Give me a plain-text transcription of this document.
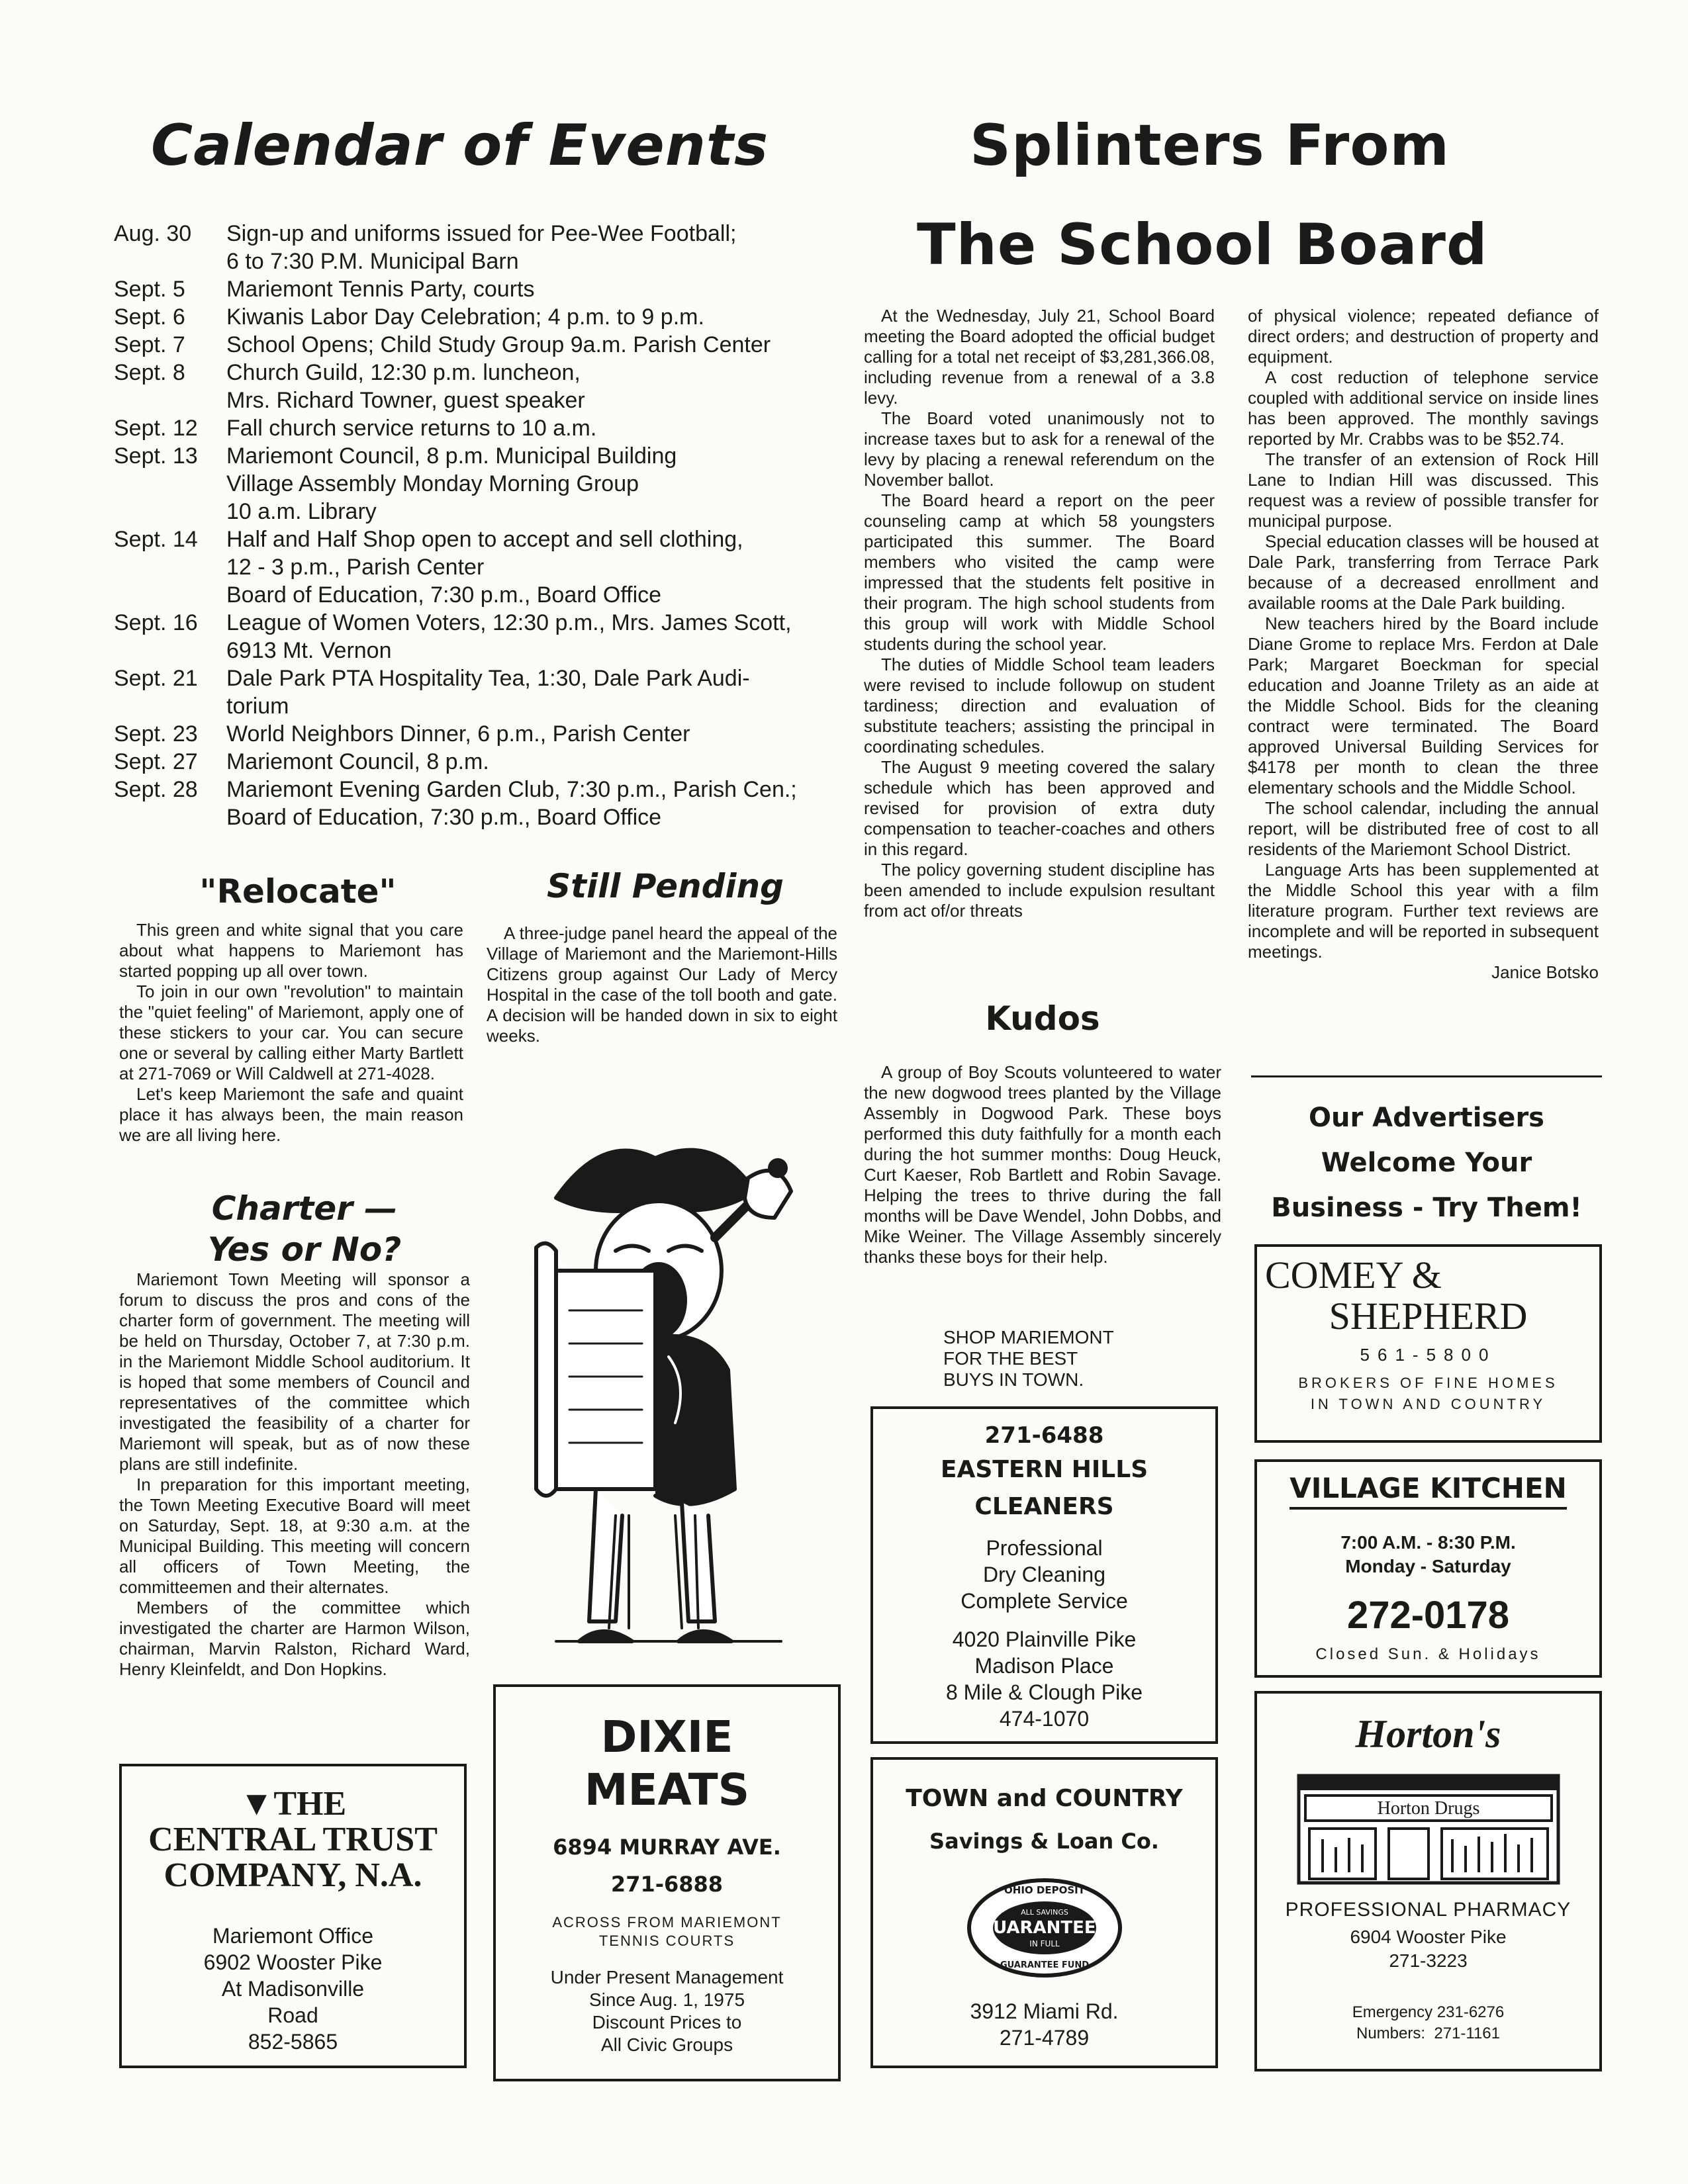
Calendar of Events
Aug. 30	Sign-up and uniforms issued for Pee-Wee Football;
6 to 7:30 P.M. Municipal Barn
Sept. 5	Mariemont Tennis Party, courts
Sept. 6	Kiwanis Labor Day Celebration; 4 p.m. to 9 p.m.
Sept. 7	School Opens; Child Study Group 9a.m. Parish Center
Sept. 8	Church Guild, 12:30 p.m. luncheon,
Mrs. Richard Towner, guest speaker
Sept. 12	Fall church service returns to 10 a.m.
Sept. 13	Mariemont Council, 8 p.m. Municipal Building
Village Assembly Monday Morning Group
10 a.m. Library
Sept. 14	Half and Half Shop open to accept and sell clothing,
12 - 3 p.m., Parish Center
Board of Education, 7:30 p.m., Board Office
Sept. 16	League of Women Voters, 12:30 p.m., Mrs. James Scott,
6913 Mt. Vernon
Sept. 21	Dale Park PTA Hospitality Tea, 1:30, Dale Park Audi-
torium
Sept. 23	World Neighbors Dinner, 6 p.m., Parish Center
Sept. 27	Mariemont Council, 8 p.m.
Sept. 28	Mariemont Evening Garden Club, 7:30 p.m., Parish Cen.;
Board of Education, 7:30 p.m., Board Office
"Relocate"

This green and white signal that you care about what happens to Mariemont has started popping up all over town.

To join in our own "revolution" to maintain the "quiet feeling" of Mariemont, apply one of these stickers to your car. You can secure one or several by calling either Marty Bartlett at 271-7069 or Will Caldwell at 271-4028.

Let's keep Mariemont the safe and quaint place it has always been, the main reason we are all living here.

Still Pending

A three-judge panel heard the appeal of the Village of Mariemont and the Mariemont-Hills Citizens group against Our Lady of Mercy Hospital in the case of the toll booth and gate. A decision will be handed down in six to eight weeks.

Charter —
Yes or No?

Mariemont Town Meeting will sponsor a forum to discuss the pros and cons of the charter form of government. The meeting will be held on Thursday, October 7, at 7:30 p.m. in the Mariemont Middle School auditorium. It is hoped that some members of Council and representatives of the committee which investigated the feasibility of a charter for Mariemont will speak, but as of now these plans are still indefinite.

In preparation for this important meeting, the Town Meeting Executive Board will meet on Saturday, Sept. 18, at 9:30 a.m. at the Municipal Building. This meeting will concern all officers of Town Meeting, the committeemen and their alternates.

Members of the committee which investigated the charter are Harmon Wilson, chairman, Marvin Ralston, Richard Ward, Henry Kleinfeldt, and Don Hopkins.

Splinters From
The School Board

At the Wednesday, July 21, School Board meeting the Board adopted the official budget calling for a total net receipt of $3,281,366.08, including revenue from a renewal of a 3.8 levy.

The Board voted unanimously not to increase taxes but to ask for a renewal of the levy by placing a renewal referendum on the November ballot.

The Board heard a report on the peer counseling camp at which 58 youngsters participated this summer. The Board members who visited the camp were impressed that the students felt positive in their program. The high school students from this group will work with Middle School students during the school year.

The duties of Middle School team leaders were revised to include followup on student tardiness; direction and evaluation of substitute teachers; assisting the principal in coordinating schedules.

The August 9 meeting covered the salary schedule which has been approved and revised for provision of extra duty compensation to teacher-coaches and others in this regard.

The policy governing student discipline has been amended to include expulsion resultant from act of/or threats

of physical violence; repeated defiance of direct orders; and destruction of property and equipment.

A cost reduction of telephone service coupled with additional service on inside lines has been approved. The monthly savings reported by Mr. Crabbs was to be $52.74.

The transfer of an extension of Rock Hill Lane to Indian Hill was discussed. This request was a review of possible transfer for municipal purpose.

Special education classes will be housed at Dale Park, transferring from Terrace Park because of a decreased enrollment and available rooms at the Dale Park building.

New teachers hired by the Board include Diane Grome to replace Mrs. Ferdon at Dale Park; Margaret Boeckman for special education and Joanne Trilety as an aide at the Middle School. Bids for the cleaning contract were terminated. The Board approved Universal Building Services for $4178 per month to clean the three elementary schools and the Middle School.

The school calendar, including the annual report, will be distributed free of cost to all residents of the Mariemont School District.

Language Arts has been supplemented at the Middle School this year with a film literature program. Further text reviews are incomplete and will be reported in subsequent meetings.

Janice Botsko
Kudos

A group of Boy Scouts volunteered to water the new dogwood trees planted by the Village Assembly in Dogwood Park. These boys performed this duty faithfully for a month each during the hot summer months: Doug Heuck, Curt Kaeser, Rob Bartlett and Robin Savage. Helping the trees to thrive during the fall months will be Dave Wendel, John Dobbs, and Mike Weiner. The Village Assembly sincerely thanks these boys for their help.

SHOP MARIEMONT
FOR THE BEST
BUYS IN TOWN.
Our Advertisers
Welcome Your
Business - Try Them!
COMEY &
SHEPHERD
561-5800
BROKERS OF FINE HOMES
IN TOWN AND COUNTRY
271-6488
EASTERN HILLS
CLEANERS
Professional
Dry Cleaning
Complete Service
4020 Plainville Pike
Madison Place
8 Mile & Clough Pike
474-1070
VILLAGE KITCHEN
7:00 A.M. - 8:30 P.M.
Monday - Saturday
272-0178
Closed Sun. & Holidays
▼THE
CENTRAL TRUST
COMPANY, N.A.
Mariemont Office
6902 Wooster Pike
At Madisonville
Road
852-5865
DIXIE
MEATS
6894 MURRAY AVE.
271-6888
ACROSS FROM MARIEMONT
TENNIS COURTS
Under Present Management
Since Aug. 1, 1975
Discount Prices to
All Civic Groups
TOWN and COUNTRY
Savings & Loan Co.
OHIO DEPOSIT
ALL SAVINGS
GUARANTEED
IN FULL
GUARANTEE FUND
3912 Miami Rd.
271-4789
Horton's
Horton Drugs
PROFESSIONAL PHARMACY
6904 Wooster Pike
271-3223
Emergency 231-6276
Numbers:  271-1161
